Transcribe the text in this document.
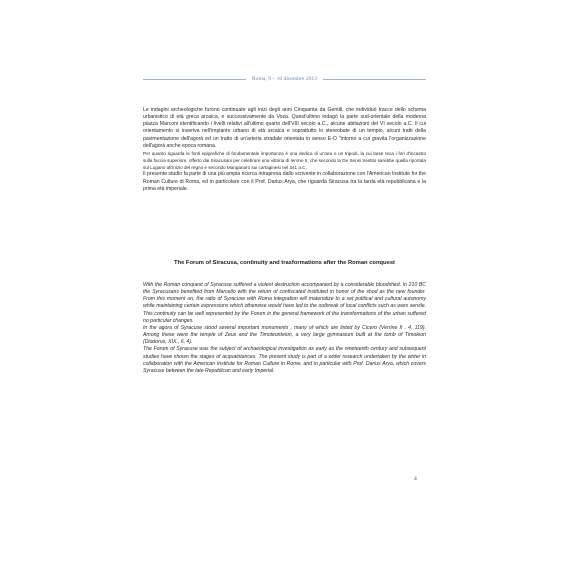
Roma, 9 – 10 dicembre 2013

Le indagini archeologiche furono continuate agli inizi degli anni Cinquanta da Gentili, che individuò tracce dello schema urbanistico di età greca arcaica, e successivamente da Voza. Quest'ultimo indagò la parte sud-orientale della moderna piazza Marconi identificando i livelli relativi all'ultimo quarto dell'VIII secolo a.C., alcune abitazioni del VI secolo a.C. Il cui orientamento si inseriva nell'impianto urbano di età arcaica e soprattutto lo stereobate di un tempio, alcuni tratti della pavimentazione dell'agorà ed un tratto di un'arteria stradale orientata in senso E-O "intorno a cui gravita l'organizzazione dell'agorà anche epoca romana.

Per quanto riguarda le fonti epigrafiche di fondamentale importanza è una dedica di un'ara o un tripodi, la cui base reca i fori d'incastro sulla faccia superiore, offerto dai Siracusani per celebrare una vittoria di Ierone II, che secondo la De Sensi Sestito sarebbe quella riportata sul Lugano all'inizio del regno e secondo Manganaro sui cartaginesi nel 241 a.C.

Il presente studio fa parte di una più ampia ricerca intrapresa dallo scrivente in collaborazione con l'American Institute for the Roman Culture di Roma, ed in particolare con il Prof. Darius Arya, che riguarda Siracusa tra la tarda età repubblicana e la prima età imperiale.

The Forum of Siracusa, continuity and trasformations after the Roman conquest

With the Roman conquest of Syracuse suffered a violent destruction accompanied by a considerable bloodshed. In 210 BC the Syracusans benefited from Marcello with the return of confiscated instituted in honor of the shod as the new founder. From this moment on, the ratio of Syracuse with Roma integration will materialize to a set political and cultural autonomy while maintaining certain expressions which otherwise would have led to the outbreak of local conflicts such as wars servile. This continuity can be well represented by the Forum in the general framework of the transformations of the urban suffered no particular changes.

In the agora of Syracuse stood several important monuments , many of which are listed by Cicero (Verrine II , 4, 119). Among these were the temple of Zeus and the Timoleonteion, a very large gymnasium built at the tomb of Timoleon (Diodorus, XIX., 6, 4).

The Forum of Syracuse was the subject of archaeological investigation as early as the nineteenth century and subsequent studies have shown the stages of acquaintances. The present study is part of a wider research undertaken by the writer in collaboration with the American Institute for Roman Culture in Rome, and in particular with Prof. Darius Arya, which covers Syracuse between the late Republican and early Imperial.

4
